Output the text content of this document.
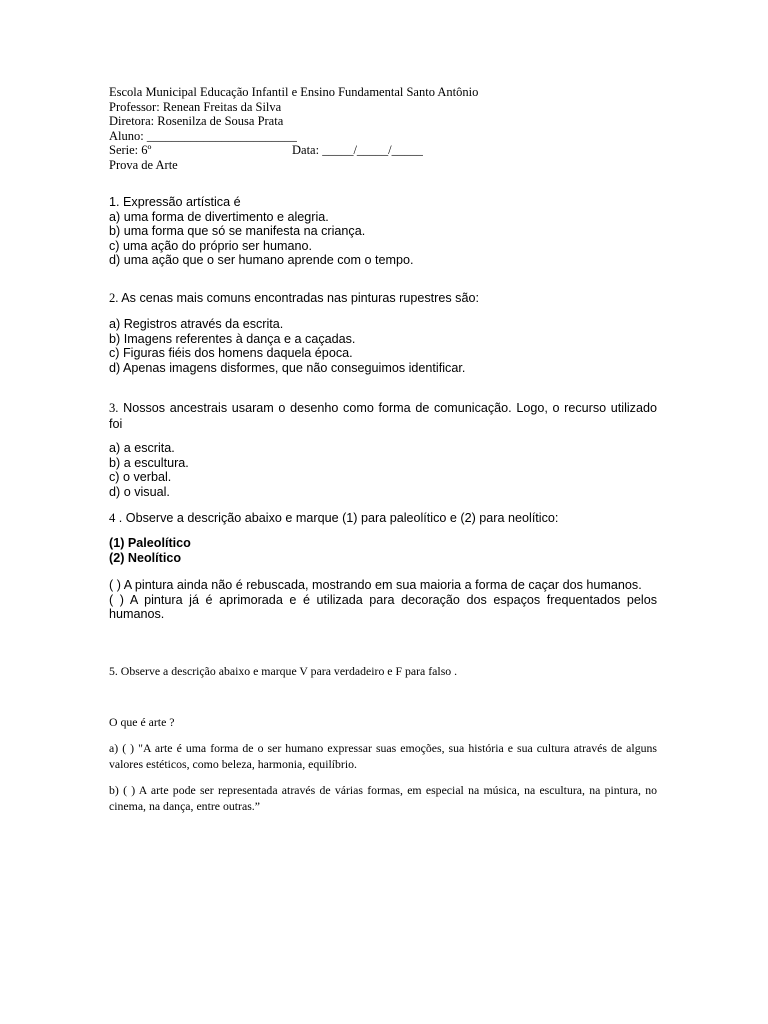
Escola Municipal Educação Infantil e Ensino Fundamental Santo Antônio
Professor: Renean Freitas da Silva
Diretora: Rosenilza de Sousa Prata
Aluno: ________________________
Serie: 6º	Data: _____/_____/_____
Prova de Arte
1. Expressão artística é
a) uma forma de divertimento e alegria.
b) uma forma que só se manifesta na criança.
c) uma ação do próprio ser humano.
d) uma ação que o ser humano aprende com o tempo.
2. As cenas mais comuns encontradas nas pinturas rupestres são:
a) Registros através da escrita.
b) Imagens referentes à dança e a caçadas.
c) Figuras fiéis dos homens daquela época.
d) Apenas imagens disformes, que não conseguimos identificar.
3. Nossos ancestrais usaram o desenho como forma de comunicação. Logo, o recurso utilizado foi
a) a escrita.
b) a escultura.
c) o verbal.
d) o visual.
4 . Observe a descrição abaixo e marque (1) para paleolítico e (2) para neolítico:
(1) Paleolítico
(2) Neolítico
( ) A pintura ainda não é rebuscada, mostrando em sua maioria a forma de caçar dos humanos.
( ) A pintura já é aprimorada e é utilizada para decoração dos espaços frequentados pelos humanos.
5. Observe a descrição abaixo e marque V para verdadeiro e F para falso .
O que é arte ?
a) ( ) "A arte é uma forma de o ser humano expressar suas emoções, sua história e sua cultura através de alguns valores estéticos, como beleza, harmonia, equilíbrio.
b) ( ) A arte pode ser representada através de várias formas, em especial na música, na escultura, na pintura, no cinema, na dança, entre outras.”
